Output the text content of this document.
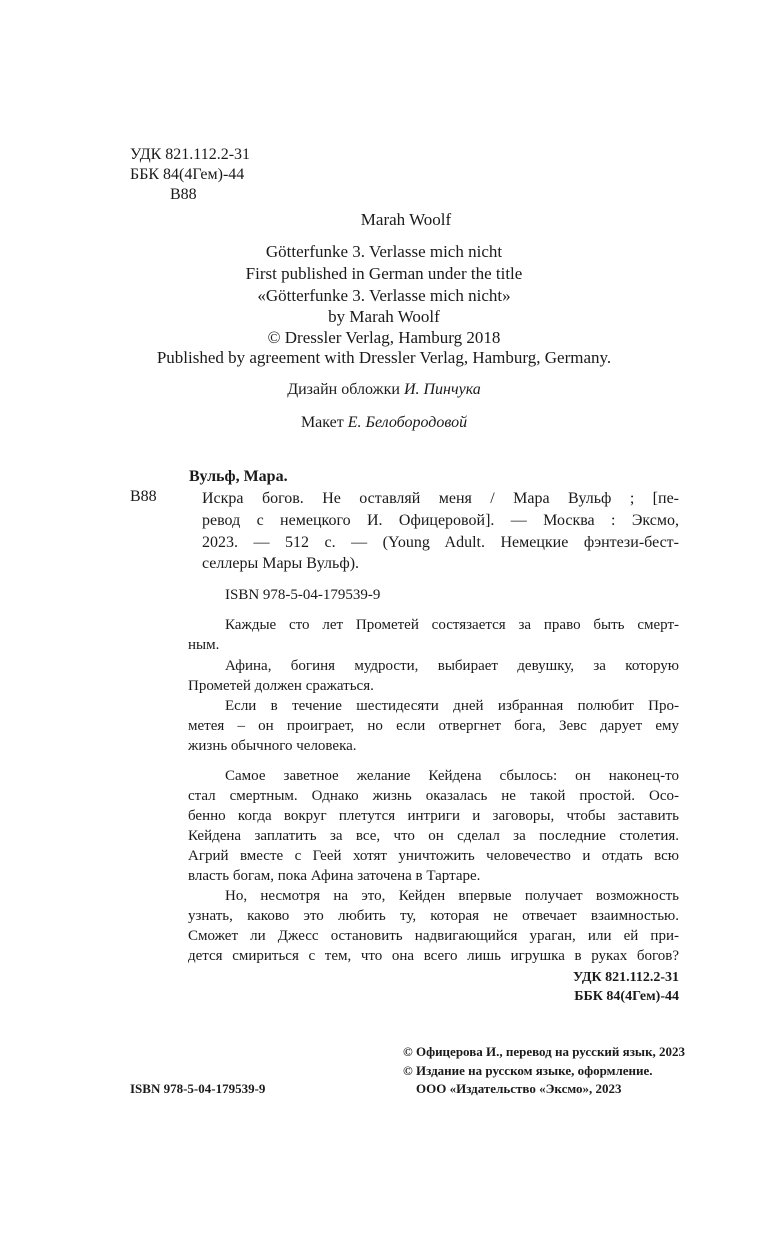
УДК 821.112.2-31
ББК 84(4Гем)-44
В88
Marah Woolf
Götterfunke 3. Verlasse mich nicht
First published in German under the title
«Götterfunke 3. Verlasse mich nicht»
by Marah Woolf
© Dressler Verlag, Hamburg 2018
Published by agreement with Dressler Verlag, Hamburg, Germany.
Дизайн обложки И. Пинчука
Макет Е. Белобородовой
Вульф, Мара.
В88	Искра богов. Не оставляй меня / Мара Вульф ; [пе-
ревод с немецкого И. Офицеровой]. — Москва : Эксмо,
2023. — 512 с. — (Young Adult. Немецкие фэнтези-бест-
селлеры Мары Вульф).
ISBN 978-5-04-179539-9
Каждые сто лет Прометей состязается за право быть смерт-
ным.
Афина, богиня мудрости, выбирает девушку, за которую
Прометей должен сражаться.
Если в течение шестидесяти дней избранная полюбит Про-
метея – он проиграет, но если отвергнет бога, Зевс дарует ему
жизнь обычного человека.
Самое заветное желание Кейдена сбылось: он наконец-то
стал смертным. Однако жизнь оказалась не такой простой. Осо-
бенно когда вокруг плетутся интриги и заговоры, чтобы заставить
Кейдена заплатить за все, что он сделал за последние столетия.
Агрий вместе с Геей хотят уничтожить человечество и отдать всю
власть богам, пока Афина заточена в Тартаре.
Но, несмотря на это, Кейден впервые получает возможность
узнать, каково это любить ту, которая не отвечает взаимностью.
Сможет ли Джесс остановить надвигающийся ураган, или ей при-
дется смириться с тем, что она всего лишь игрушка в руках богов?
УДК 821.112.2-31
ББК 84(4Гем)-44
© Офицерова И., перевод на русский язык, 2023
© Издание на русском языке, оформление.
ООО «Издательство «Эксмо», 2023
ISBN 978-5-04-179539-9
